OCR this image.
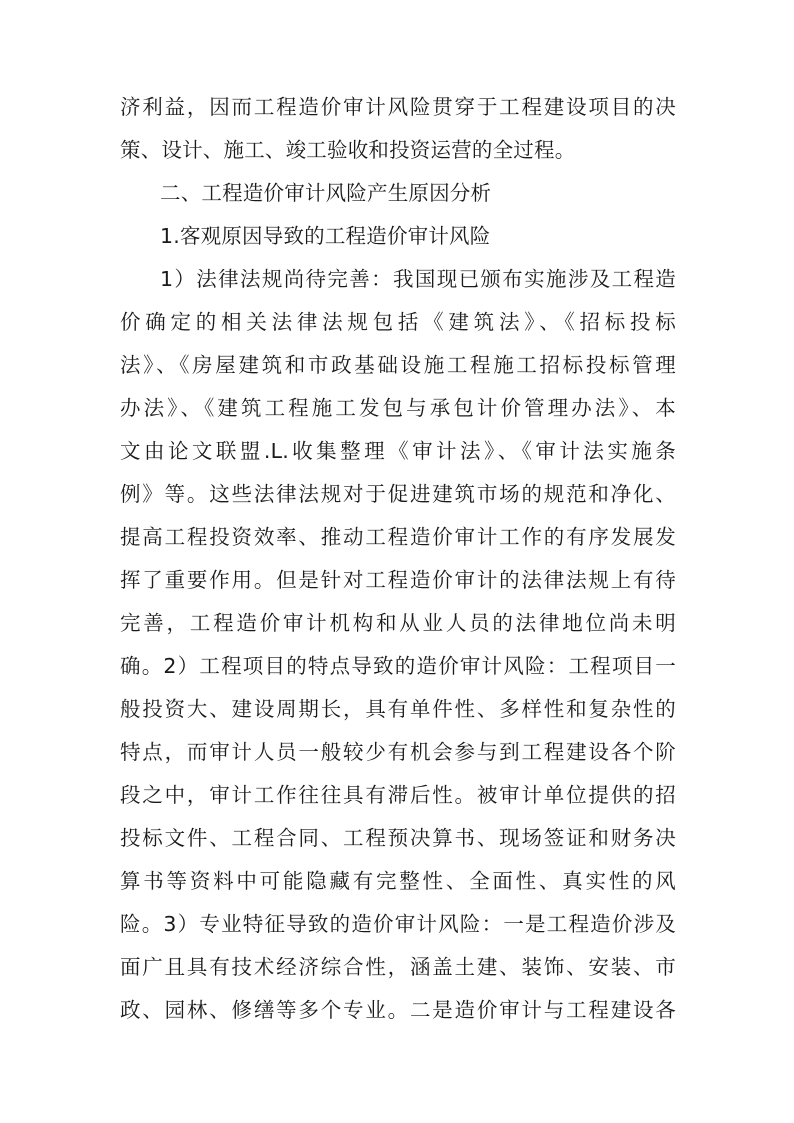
济利益，因而工程造价审计风险贯穿于工程建设项目的决
策、设计、施工、竣工验收和投资运营的全过程。
二、工程造价审计风险产生原因分析
1.客观原因导致的工程造价审计风险
1）法律法规尚待完善：我国现已颁布实施涉及工程造
价确定的相关法律法规包括《建筑法》、《招标投标
法》、《房屋建筑和市政基础设施工程施工招标投标管理
办法》、《建筑工程施工发包与承包计价管理办法》、本
文由论文联盟.L.收集整理《审计法》、《审计法实施条
例》等。这些法律法规对于促进建筑市场的规范和净化、
提高工程投资效率、推动工程造价审计工作的有序发展发
挥了重要作用。但是针对工程造价审计的法律法规上有待
完善，工程造价审计机构和从业人员的法律地位尚未明
确。2）工程项目的特点导致的造价审计风险：工程项目一
般投资大、建设周期长，具有单件性、多样性和复杂性的
特点，而审计人员一般较少有机会参与到工程建设各个阶
段之中，审计工作往往具有滞后性。被审计单位提供的招
投标文件、工程合同、工程预决算书、现场签证和财务决
算书等资料中可能隐藏有完整性、全面性、真实性的风
险。3）专业特征导致的造价审计风险：一是工程造价涉及
面广且具有技术经济综合性，涵盖土建、装饰、安装、市
政、园林、修缮等多个专业。二是造价审计与工程建设各
